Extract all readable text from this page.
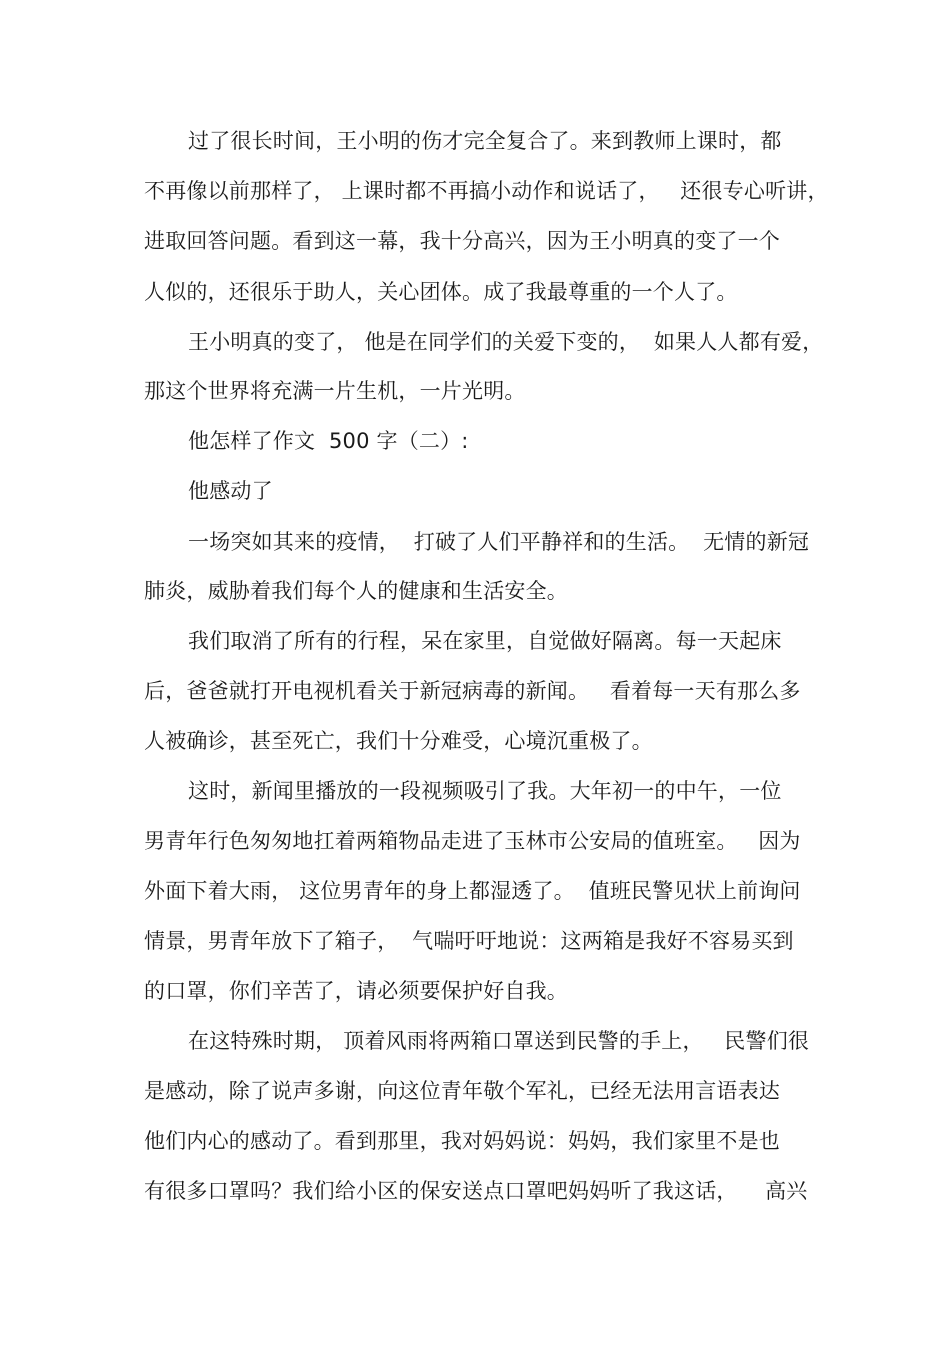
过了很长时间，王小明的伤才完全复合了。来到教师上课时，都
不再像以前那样了， 上课时都不再搞小动作和说话了，   还很专心听讲，
进取回答问题。看到这一幕，我十分高兴，因为王小明真的变了一个
人似的，还很乐于助人，关心团体。成了我最尊重的一个人了。
王小明真的变了， 他是在同学们的关爱下变的，  如果人人都有爱，
那这个世界将充满一片生机，一片光明。
他怎样了作文  500 字（二）:
他感动了
一场突如其来的疫情，  打破了人们平静祥和的生活。  无情的新冠
肺炎，威胁着我们每个人的健康和生活安全。
我们取消了所有的行程，呆在家里，自觉做好隔离。每一天起床
后，爸爸就打开电视机看关于新冠病毒的新闻。   看着每一天有那么多
人被确诊，甚至死亡，我们十分难受，心境沉重极了。
这时，新闻里播放的一段视频吸引了我。大年初一的中午，一位
男青年行色匆匆地扛着两箱物品走进了玉林市公安局的值班室。   因为
外面下着大雨， 这位男青年的身上都湿透了。  值班民警见状上前询问
情景，男青年放下了箱子，  气喘吁吁地说：这两箱是我好不容易买到
的口罩，你们辛苦了，请必须要保护好自我。
在这特殊时期， 顶着风雨将两箱口罩送到民警的手上，   民警们很
是感动，除了说声多谢，向这位青年敬个军礼，已经无法用言语表达
他们内心的感动了。看到那里，我对妈妈说：妈妈，我们家里不是也
有很多口罩吗？我们给小区的保安送点口罩吧妈妈听了我这话，    高兴
